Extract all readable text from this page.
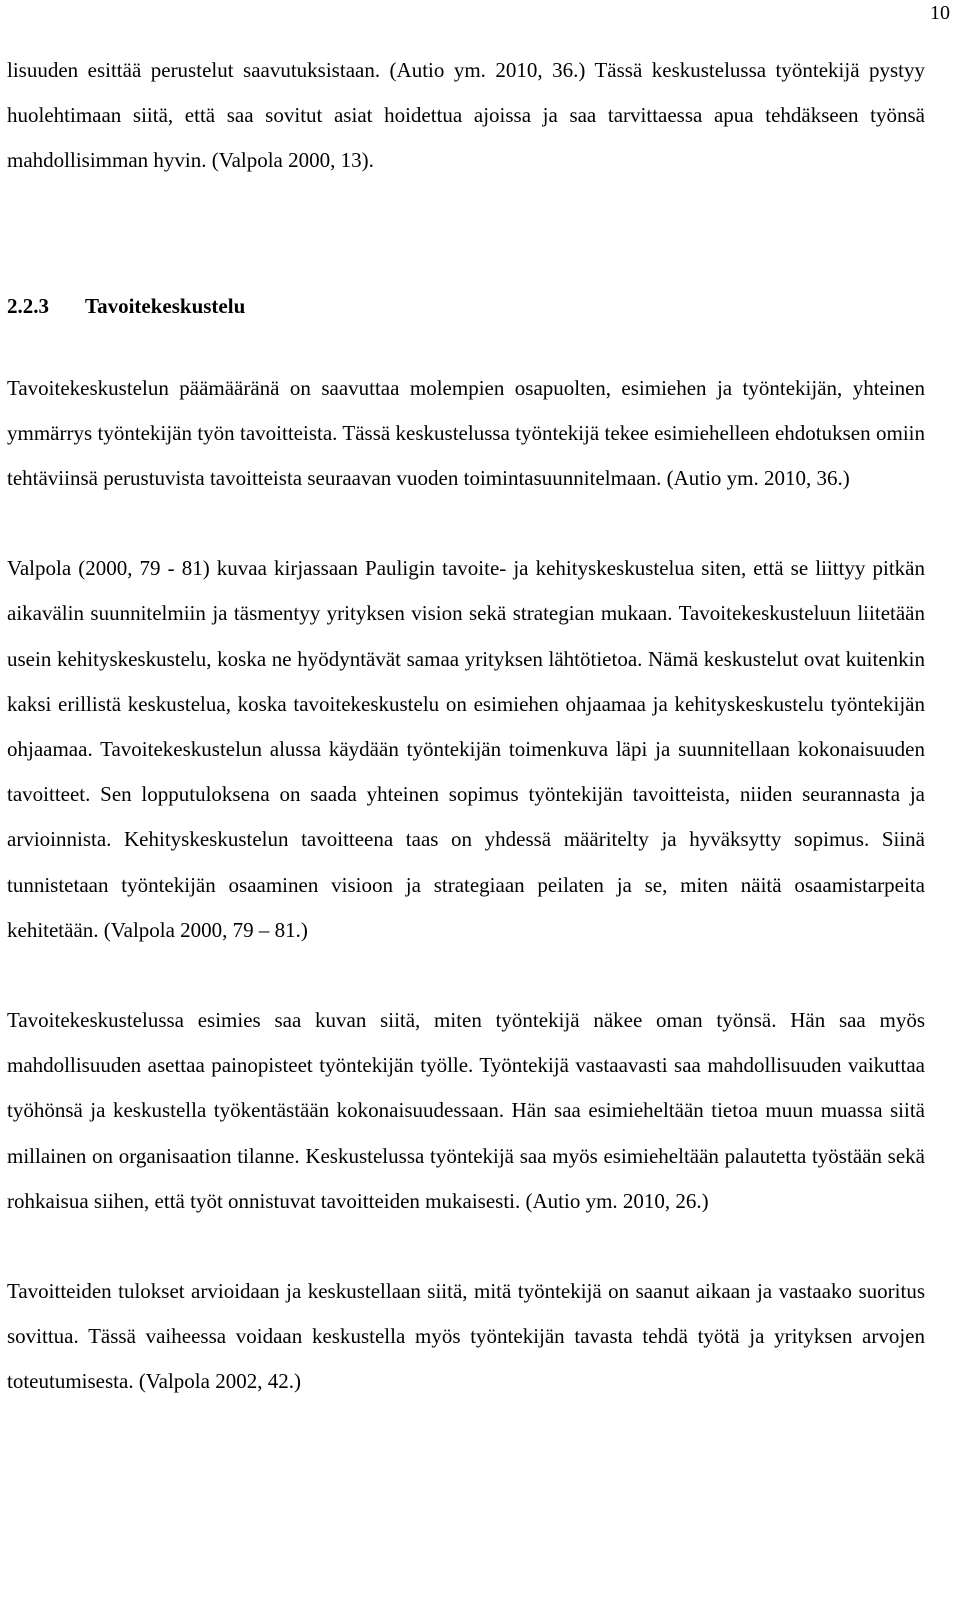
10

lisuuden esittää perustelut saavutuksistaan. (Autio ym. 2010, 36.) Tässä keskustelussa työntekijä pystyy huolehtimaan siitä, että saa sovitut asiat hoidettua ajoissa ja saa tarvittaessa apua tehdäkseen työnsä mahdollisimman hyvin. (Valpola 2000, 13).

2.2.3 Tavoitekeskustelu

Tavoitekeskustelun päämääränä on saavuttaa molempien osapuolten, esimiehen ja työntekijän, yhteinen ymmärrys työntekijän työn tavoitteista. Tässä keskustelussa työntekijä tekee esimiehelleen ehdotuksen omiin tehtäviinsä perustuvista tavoitteista seuraavan vuoden toimintasuunnitelmaan. (Autio ym. 2010, 36.)

Valpola (2000, 79 - 81) kuvaa kirjassaan Pauligin tavoite- ja kehityskeskustelua siten, että se liittyy pitkän aikavälin suunnitelmiin ja täsmentyy yrityksen vision sekä strategian mukaan. Tavoitekeskusteluun liitetään usein kehityskeskustelu, koska ne hyödyntävät samaa yrityksen lähtötietoa. Nämä keskustelut ovat kuitenkin kaksi erillistä keskustelua, koska tavoitekeskustelu on esimiehen ohjaamaa ja kehityskeskustelu työntekijän ohjaamaa. Tavoitekeskustelun alussa käydään työntekijän toimenkuva läpi ja suunnitellaan kokonaisuuden tavoitteet. Sen lopputuloksena on saada yhteinen sopimus työntekijän tavoitteista, niiden seurannasta ja arvioinnista. Kehityskeskustelun tavoitteena taas on yhdessä määritelty ja hyväksytty sopimus. Siinä tunnistetaan työntekijän osaaminen visioon ja strategiaan peilaten ja se, miten näitä osaamistarpeita kehitetään. (Valpola 2000, 79 – 81.)

Tavoitekeskustelussa esimies saa kuvan siitä, miten työntekijä näkee oman työnsä. Hän saa myös mahdollisuuden asettaa painopisteet työntekijän työlle. Työntekijä vastaavasti saa mahdollisuuden vaikuttaa työhönsä ja keskustella työkentästään kokonaisuudessaan. Hän saa esimieheltään tietoa muun muassa siitä millainen on organisaation tilanne. Keskustelussa työntekijä saa myös esimieheltään palautetta työstään sekä rohkaisua siihen, että työt onnistuvat tavoitteiden mukaisesti. (Autio ym. 2010, 26.)

Tavoitteiden tulokset arvioidaan ja keskustellaan siitä, mitä työntekijä on saanut aikaan ja vastaako suoritus sovittua. Tässä vaiheessa voidaan keskustella myös työntekijän tavasta tehdä työtä ja yrityksen arvojen toteutumisesta. (Valpola 2002, 42.)
